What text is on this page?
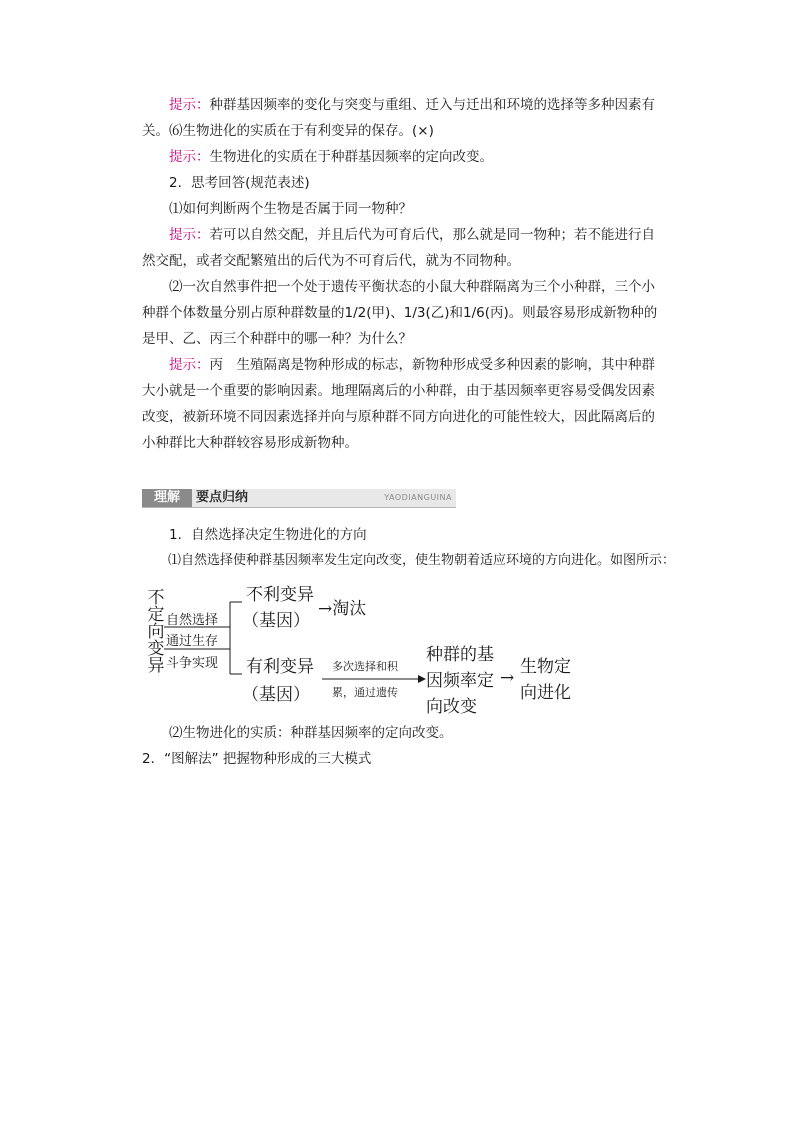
提示：种群基因频率的变化与突变与重组、迁入与迁出和环境的选择等多种因素有关。 ⑹生物进化的实质在于有利变异的保存。(×)

提示：生物进化的实质在于种群基因频率的定向改变。

2．思考回答(规范表述)

⑴如何判断两个生物是否属于同一物种？

提示：若可以自然交配，并且后代为可育后代，那么就是同一物种；若不能进行自然交配，或者交配繁殖出的后代为不可育后代，就为不同物种。

⑵一次自然事件把一个处于遗传平衡状态的小鼠大种群隔离为三个小种群，三个小种群个体数量分别占原种群数量的1/2(甲)、1/3(乙)和1/6(丙)。则最容易形成新物种的是甲、乙、丙三个种群中的哪一种？为什么？

提示：丙　生殖隔离是物种形成的标志，新物种形成受多种因素的影响，其中种群大小就是一个重要的影响因素。地理隔离后的小种群，由于基因频率更容易受偶发因素改变，被新环境不同因素选择并向与原种群不同方向进化的可能性较大，因此隔离后的小种群比大种群较容易形成新物种。

理解	要点归纳	YAODIANGUINA

1．自然选择决定生物进化的方向

⑴自然选择使种群基因频率发生定向改变，使生物朝着适应环境的方向进化。如图所示：

不
定
向
变
异
自然选择
通过生存
斗争实现
不利变异
（基因）
→淘汰
有利变异
（基因）
多次选择和积
累，通过遗传
种群的基
因频率定
向改变
→
生物定
向进化

⑵生物进化的实质：种群基因频率的定向改变。

2．“图解法” 把握物种形成的三大模式
